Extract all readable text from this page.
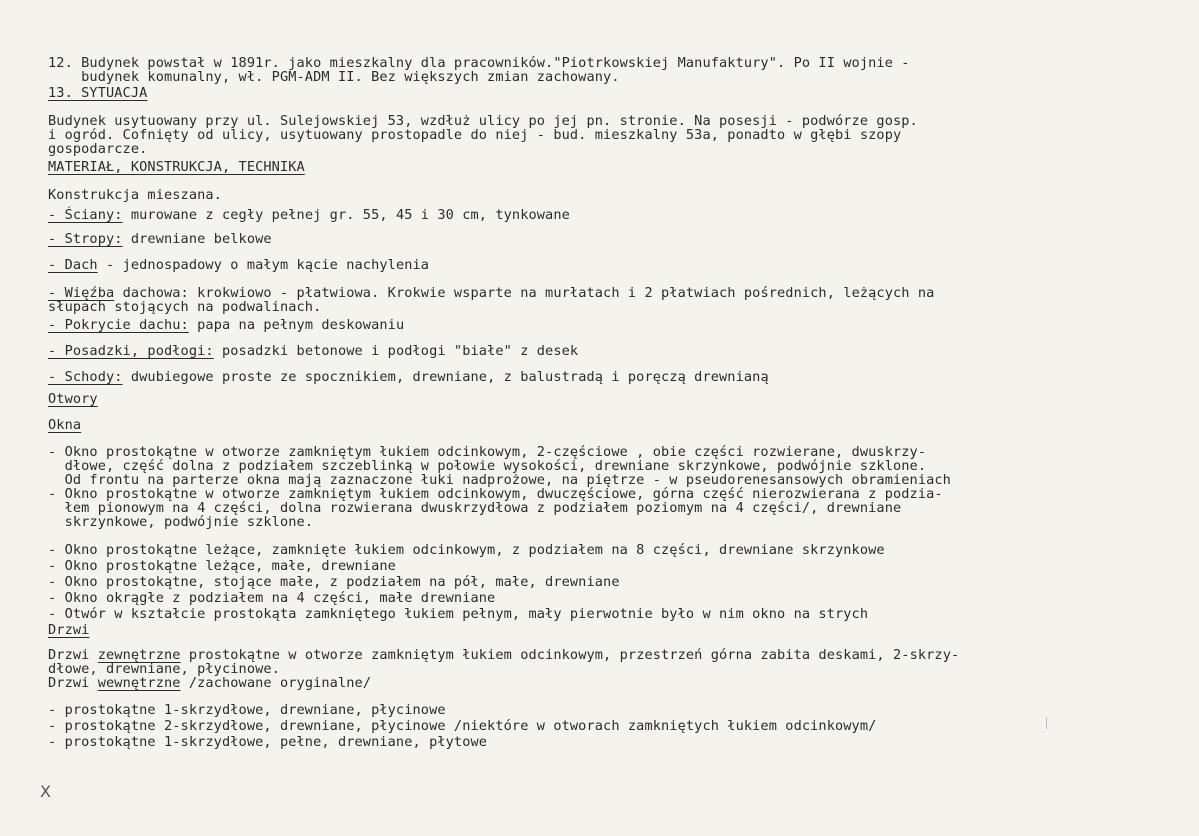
12. Budynek powstał w 1891r. jako mieszkalny dla pracowników."Piotrkowskiej Manufaktury". Po II wojnie -
budynek komunalny, wł. PGM-ADM II. Bez większych zmian zachowany.
13. SYTUACJA
Budynek usytuowany przy ul. Sulejowskiej 53, wzdłuż ulicy po jej pn. stronie. Na posesji - podwórze gosp.
i ogród. Cofnięty od ulicy, usytuowany prostopadle do niej - bud. mieszkalny 53a, ponadto w głębi szopy
gospodarcze.
MATERIAŁ, KONSTRUKCJA, TECHNIKA
Konstrukcja mieszana.
- Ściany: murowane z cegły pełnej gr. 55, 45 i 30 cm, tynkowane
- Stropy: drewniane belkowe
- Dach - jednospadowy o małym kącie nachylenia
- Więźba dachowa: krokwiowo - płatwiowa. Krokwie wsparte na murłatach i 2 płatwiach pośrednich, leżących na
słupach stojących na podwalinach.
- Pokrycie dachu: papa na pełnym deskowaniu
- Posadzki, podłogi: posadzki betonowe i podłogi "białe" z desek
- Schody: dwubiegowe proste ze spocznikiem, drewniane, z balustradą i poręczą drewnianą
Otwory
Okna
- Okno prostokątne w otworze zamkniętym łukiem odcinkowym, 2-częściowe , obie części rozwierane, dwuskrzy-
dłowe, część dolna z podziałem szczeblinką w połowie wysokości, drewniane skrzynkowe, podwójnie szklone.
Od frontu na parterze okna mają zaznaczone łuki nadprożowe, na piętrze - w pseudorenesansowych obramieniach
- Okno prostokątne w otworze zamkniętym łukiem odcinkowym, dwuczęściowe, górna część nierozwierana z podzia-
łem pionowym na 4 części, dolna rozwierana dwuskrzydłowa z podziałem poziomym na 4 części/, drewniane
skrzynkowe, podwójnie szklone.
- Okno prostokątne leżące, zamknięte łukiem odcinkowym, z podziałem na 8 części, drewniane skrzynkowe
- Okno prostokątne leżące, małe, drewniane
- Okno prostokątne, stojące małe, z podziałem na pół, małe, drewniane
- Okno okrągłe z podziałem na 4 części, małe drewniane
- Otwór w kształcie prostokąta zamkniętego łukiem pełnym, mały pierwotnie było w nim okno na strych
Drzwi
Drzwi zewnętrzne prostokątne w otworze zamkniętym łukiem odcinkowym, przestrzeń górna zabita deskami, 2-skrzy-
dłowe, drewniane, płycinowe.
Drzwi wewnętrzne /zachowane oryginalne/
- prostokątne 1-skrzydłowe, drewniane, płycinowe
- prostokątne 2-skrzydłowe, drewniane, płycinowe /niektóre w otworach zamkniętych łukiem odcinkowym/
- prostokątne 1-skrzydłowe, pełne, drewniane, płytowe
X
